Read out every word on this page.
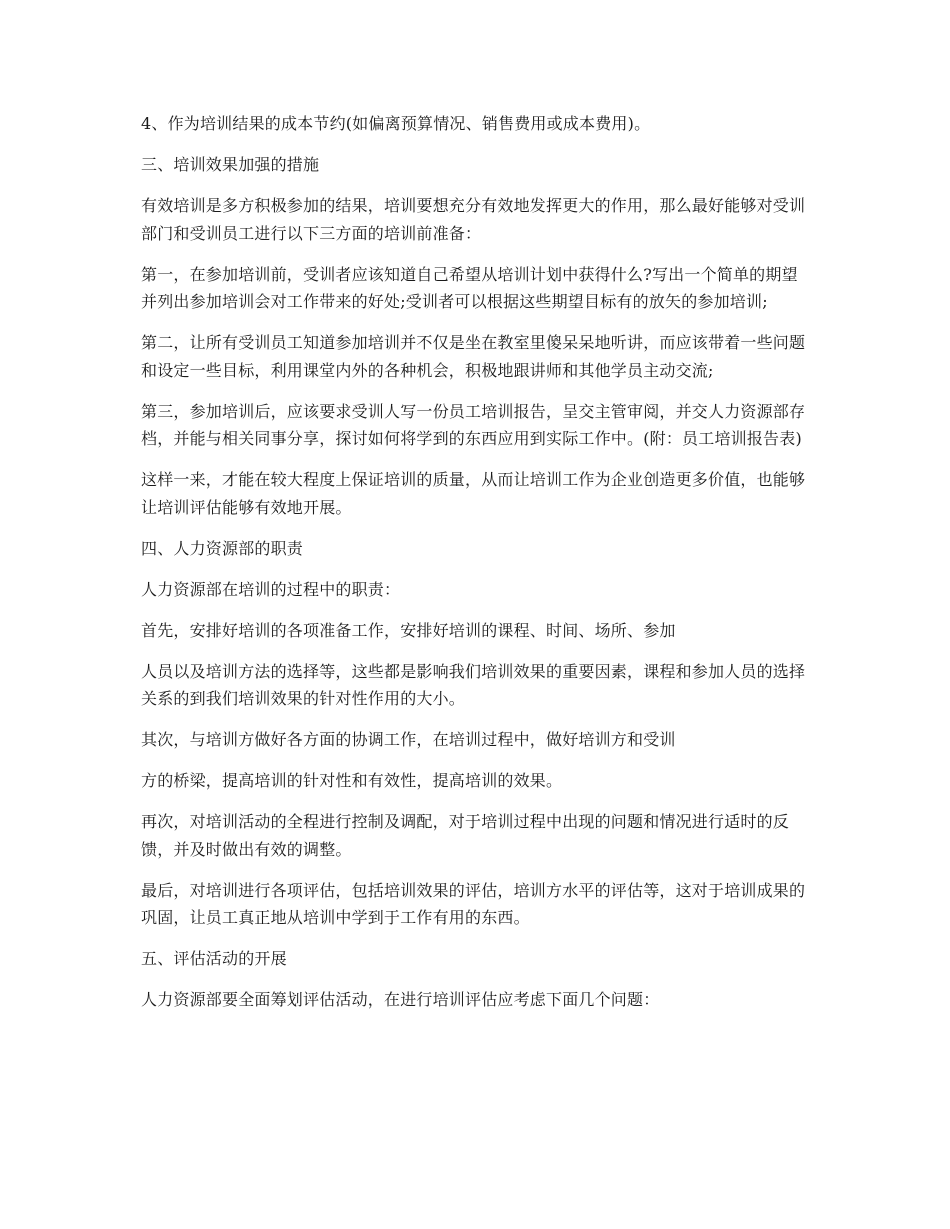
4、作为培训结果的成本节约(如偏离预算情况、销售费用或成本费用)。

三、培训效果加强的措施

有效培训是多方积极参加的结果，培训要想充分有效地发挥更大的作用，那么最好能够对受训部门和受训员工进行以下三方面的培训前准备：

第一，在参加培训前，受训者应该知道自己希望从培训计划中获得什么?写出一个简单的期望并列出参加培训会对工作带来的好处;受训者可以根据这些期望目标有的放矢的参加培训;

第二，让所有受训员工知道参加培训并不仅是坐在教室里傻呆呆地听讲，而应该带着一些问题和设定一些目标，利用课堂内外的各种机会，积极地跟讲师和其他学员主动交流;

第三，参加培训后，应该要求受训人写一份员工培训报告，呈交主管审阅，并交人力资源部存档，并能与相关同事分享，探讨如何将学到的东西应用到实际工作中。(附：员工培训报告表)

这样一来，才能在较大程度上保证培训的质量，从而让培训工作为企业创造更多价值，也能够让培训评估能够有效地开展。

四、人力资源部的职责

人力资源部在培训的过程中的职责：

首先，安排好培训的各项准备工作，安排好培训的课程、时间、场所、参加

人员以及培训方法的选择等，这些都是影响我们培训效果的重要因素，课程和参加人员的选择关系的到我们培训效果的针对性作用的大小。

其次，与培训方做好各方面的协调工作，在培训过程中，做好培训方和受训

方的桥梁，提高培训的针对性和有效性，提高培训的效果。

再次，对培训活动的全程进行控制及调配，对于培训过程中出现的问题和情况进行适时的反馈，并及时做出有效的调整。

最后，对培训进行各项评估，包括培训效果的评估，培训方水平的评估等，这对于培训成果的巩固，让员工真正地从培训中学到于工作有用的东西。

五、评估活动的开展

人力资源部要全面筹划评估活动，在进行培训评估应考虑下面几个问题：
